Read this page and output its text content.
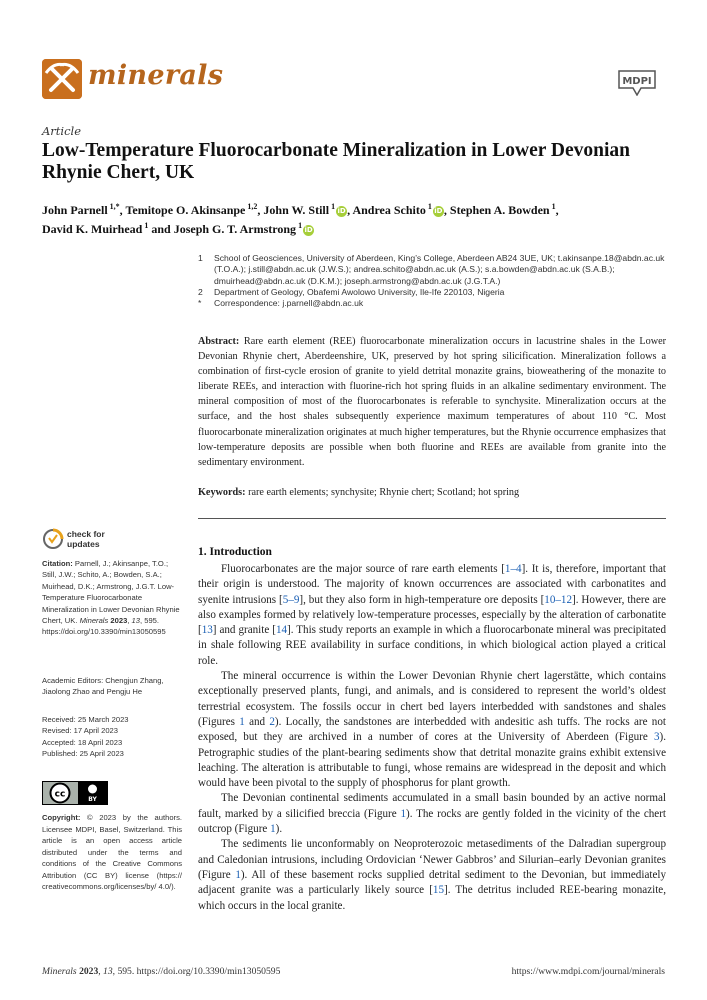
minerals	MDPI
Article
Low-Temperature Fluorocarbonate Mineralization in Lower Devonian Rhynie Chert, UK
John Parnell $^{1,*}$, Temitope O. Akinsanpe $^{1,2}$, John W. Still $^1$ iD, Andrea Schito $^1$ iD, Stephen A. Bowden $^1$,
David K. Muirhead $^1$ and Joseph G. T. Armstrong $^1$ iD
1	School of Geosciences, University of Aberdeen, King’s College, Aberdeen AB24 3UE, UK; t.akinsanpe.18@abdn.ac.uk (T.O.A.); j.still@abdn.ac.uk (J.W.S.); andrea.schito@abdn.ac.uk (A.S.); s.a.bowden@abdn.ac.uk (S.A.B.); dmuirhead@abdn.ac.uk (D.K.M.); joseph.armstrong@abdn.ac.uk (J.G.T.A.)
2	Department of Geology, Obafemi Awolowo University, Ile-Ife 220103, Nigeria
*	Correspondence: j.parnell@abdn.ac.uk
Abstract: Rare earth element (REE) fluorocarbonate mineralization occurs in lacustrine shales in the Lower Devonian Rhynie chert, Aberdeenshire, UK, preserved by hot spring silicification. Mineralization follows a combination of first-cycle erosion of granite to yield detrital monazite grains, bioweathering of the monazite to liberate REEs, and interaction with fluorine-rich hot spring fluids in an alkaline sedimentary environment. The mineral composition of most of the fluorocarbonates is referable to synchysite. Mineralization occurs at the surface, and the host shales subsequently experience maximum temperatures of about 110 °C. Most fluorocarbonate mineralization originates at much higher temperatures, but the Rhynie occurrence emphasizes that low-temperature deposits are possible when both fluorine and REEs are available from granite into the sedimentary environment.
Keywords: rare earth elements; synchysite; Rhynie chert; Scotland; hot spring
check for
updates
Citation: Parnell, J.; Akinsanpe, T.O.; Still, J.W.; Schito, A.; Bowden, S.A.; Muirhead, D.K.; Armstrong, J.G.T. Low-Temperature Fluorocarbonate Mineralization in Lower Devonian Rhynie Chert, UK. Minerals 2023, 13, 595. https://doi.org/10.3390/min13050595
Academic Editors: Chengjun Zhang, Jiaolong Zhao and Pengju He
Received: 25 March 2023
Revised: 17 April 2023
Accepted: 18 April 2023
Published: 25 April 2023
cc	BY
Copyright: © 2023 by the authors. Licensee MDPI, Basel, Switzerland. This article is an open access article distributed under the terms and conditions of the Creative Commons Attribution (CC BY) license (https:// creativecommons.org/licenses/by/ 4.0/).
1. Introduction

Fluorocarbonates are the major source of rare earth elements [1–4]. It is, therefore, important that their origin is understood. The majority of known occurrences are associated with carbonatites and syenite intrusions [5–9], but they also form in high-temperature ore deposits [10–12]. However, there are also examples formed by relatively low-temperature processes, especially by the alteration of carbonatite [13] and granite [14]. This study reports an example in which a fluorocarbonate mineral was precipitated in shale following REE availability in surface conditions, in which biological action played a critical role.

The mineral occurrence is within the Lower Devonian Rhynie chert lagerstätte, which contains exceptionally preserved plants, fungi, and animals, and is considered to represent the world’s oldest terrestrial ecosystem. The fossils occur in chert bed layers interbedded with sandstones and shales (Figures 1 and 2). Locally, the sandstones are interbedded with andesitic ash tuffs. The rocks are not exposed, but they are archived in a number of cores at the University of Aberdeen (Figure 3). Petrographic studies of the plant-bearing sediments show that detrital monazite grains exhibit extensive leaching. The alteration is attributable to fungi, whose remains are widespread in the deposit and which would have been pivotal to the supply of phosphorus for plant growth.

The Devonian continental sediments accumulated in a small basin bounded by an active normal fault, marked by a silicified breccia (Figure 1). The rocks are gently folded in the vicinity of the chert outcrop (Figure 1).

The sediments lie unconformably on Neoproterozoic metasediments of the Dalradian supergroup and Caledonian intrusions, including Ordovician ‘Newer Gabbros’ and Silurian–early Devonian granites (Figure 1). All of these basement rocks supplied detrital sediment to the Devonian, but immediately adjacent granite was a particularly likely source [15]. The detritus included REE-bearing monazite, which occurs in the local granite.

Minerals 2023, 13, 595. https://doi.org/10.3390/min13050595	https://www.mdpi.com/journal/minerals
